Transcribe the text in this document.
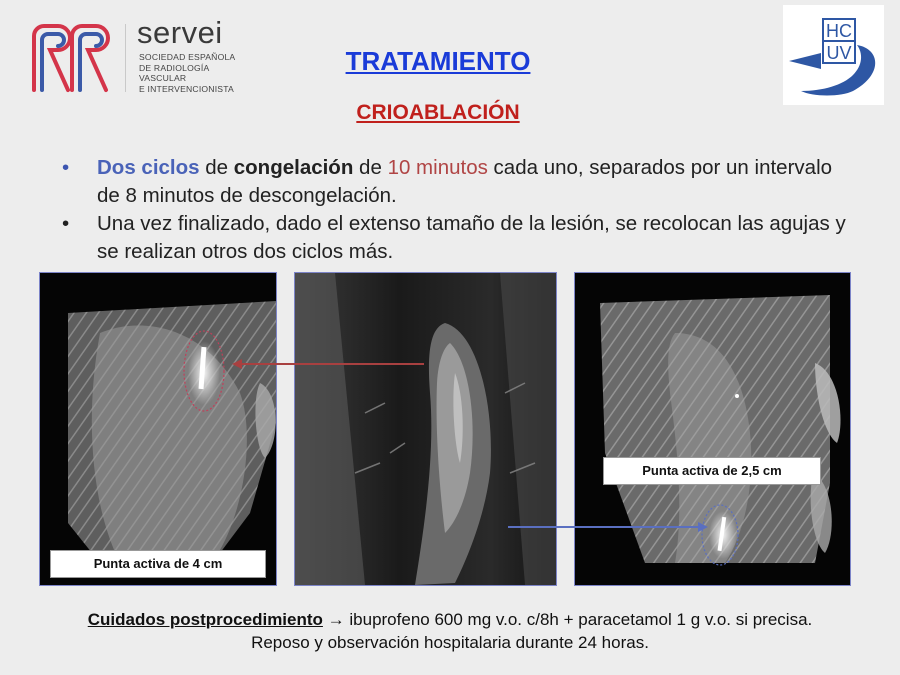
servei
SOCIEDAD ESPAÑOLA
DE RADIOLOGÍA
VASCULAR
E INTERVENCIONISTA
HC
UV
TRATAMIENTO
CRIOABLACIÓN
• Dos ciclos de congelación de 10 minutos cada uno, separados por un intervalo de 8 minutos de descongelación.
• Una vez finalizado, dado el extenso tamaño de la lesión, se recolocan las agujas y se realizan otros dos ciclos más.
Punta activa de 4 cm
Punta activa de 2,5 cm
Cuidados postprocedimiento → ibuprofeno 600 mg v.o. c/8h + paracetamol 1 g v.o. si precisa.
Reposo y observación hospitalaria durante 24 horas.
